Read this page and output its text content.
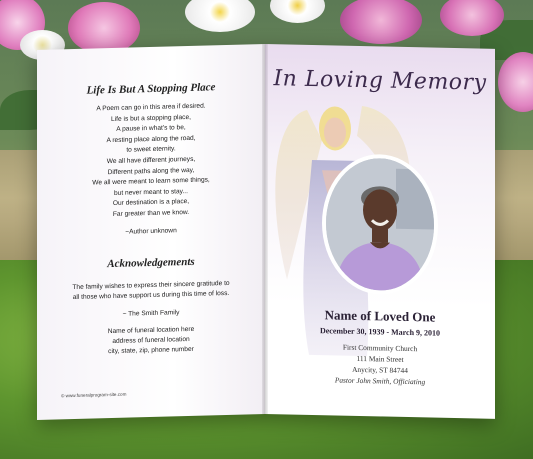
Life Is But A Stopping Place
A Poem can go in this area if desired.
Life is but a stopping place,
A pause in what's to be,
A resting place along the road,
to sweet eternity.
We all have different journeys,
Different paths along the way,
We all were meant to learn some things,
but never meant to stay...
Our destination is a place,
Far greater than we know.
~Author unknown
Acknowledgements
The family wishes to express their sincere gratitude to
all those who have support us during this time of loss.
~ The Smith Family
Name of funeral location here
address of funeral location
city, state, zip, phone number
© www.funeralprogram-site.com
In Loving Memory
Name of Loved One
December 30, 1939 - March 9, 2010
First Community Church
111 Main Street
Anycity, ST 84744
Pastor John Smith, Officiating
